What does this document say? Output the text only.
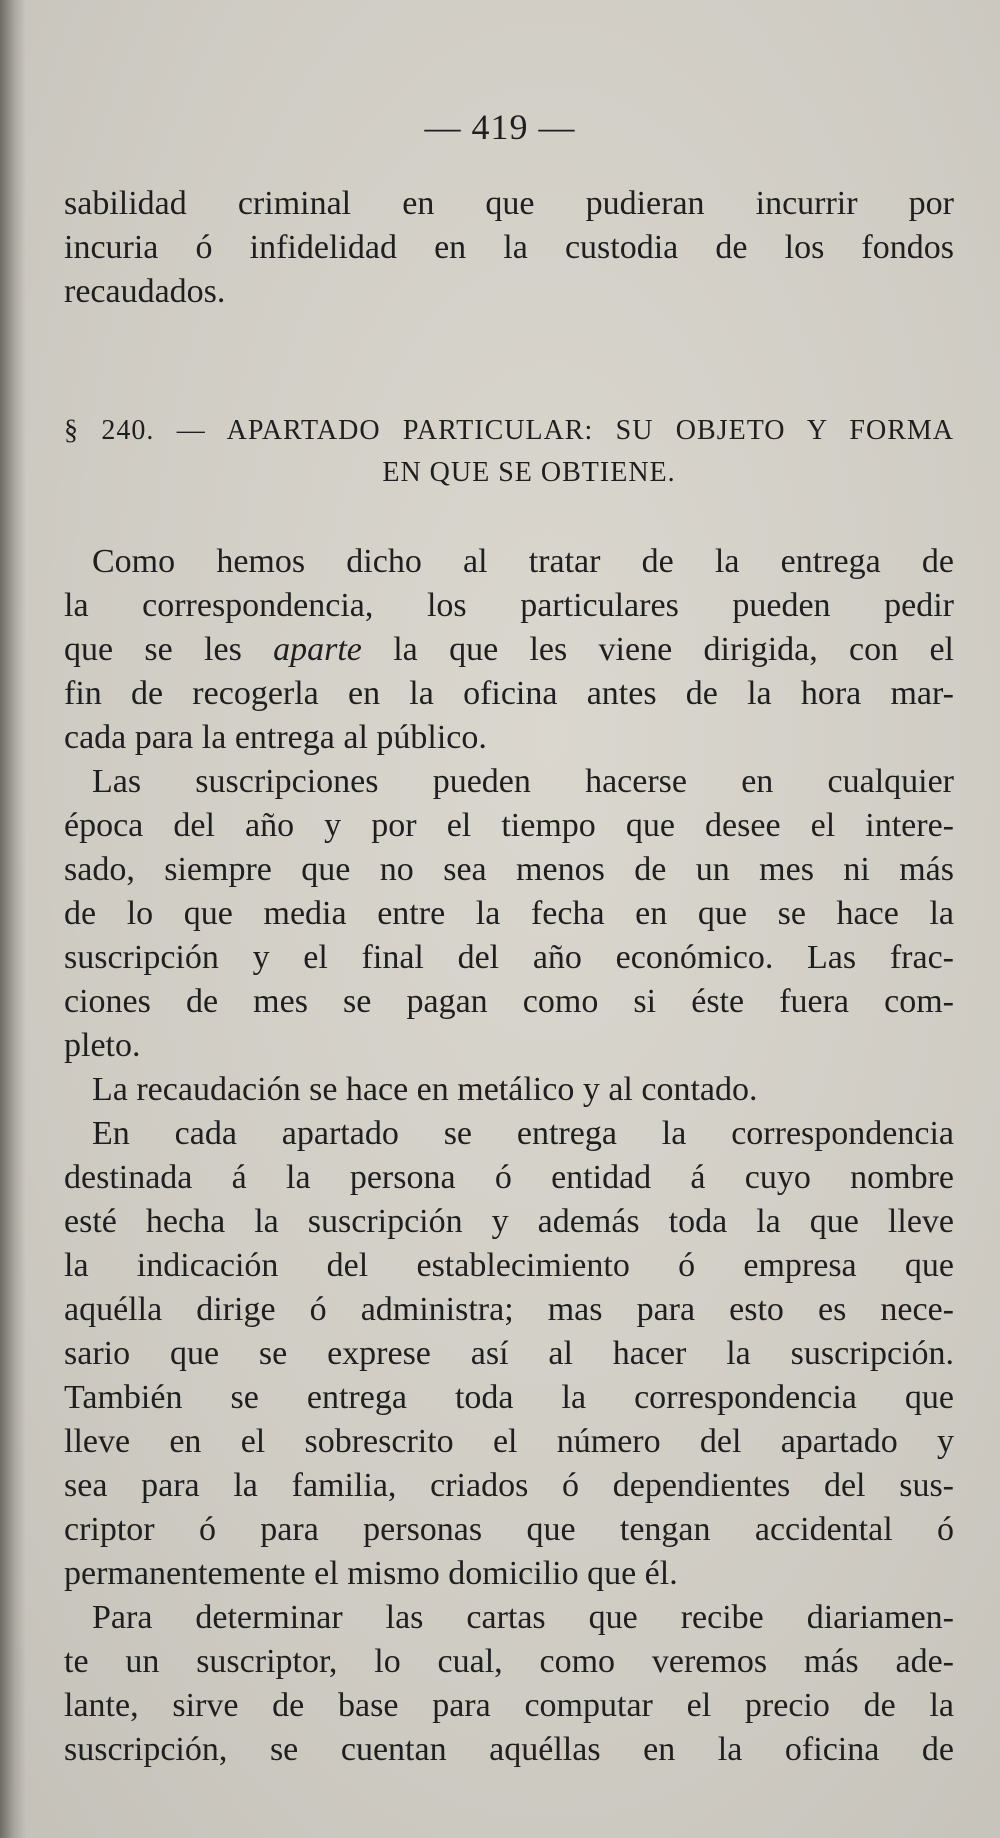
— 419 —
sabilidad criminal en que pudieran incurrir por
incuria ó infidelidad en la custodia de los fondos
recaudados.
§ 240. — APARTADO PARTICULAR: SU OBJETO Y FORMA
EN QUE SE OBTIENE.
Como hemos dicho al tratar de la entrega de
la correspondencia, los particulares pueden pedir
que se les aparte la que les viene dirigida, con el
fin de recogerla en la oficina antes de la hora mar-
cada para la entrega al público.
Las suscripciones pueden hacerse en cualquier
época del año y por el tiempo que desee el intere-
sado, siempre que no sea menos de un mes ni más
de lo que media entre la fecha en que se hace la
suscripción y el final del año económico. Las frac-
ciones de mes se pagan como si éste fuera com-
pleto.
La recaudación se hace en metálico y al contado.
En cada apartado se entrega la correspondencia
destinada á la persona ó entidad á cuyo nombre
esté hecha la suscripción y además toda la que lleve
la indicación del establecimiento ó empresa que
aquélla dirige ó administra; mas para esto es nece-
sario que se exprese así al hacer la suscripción.
También se entrega toda la correspondencia que
lleve en el sobrescrito el número del apartado y
sea para la familia, criados ó dependientes del sus-
criptor ó para personas que tengan accidental ó
permanentemente el mismo domicilio que él.
Para determinar las cartas que recibe diariamen-
te un suscriptor, lo cual, como veremos más ade-
lante, sirve de base para computar el precio de la
suscripción, se cuentan aquéllas en la oficina de
